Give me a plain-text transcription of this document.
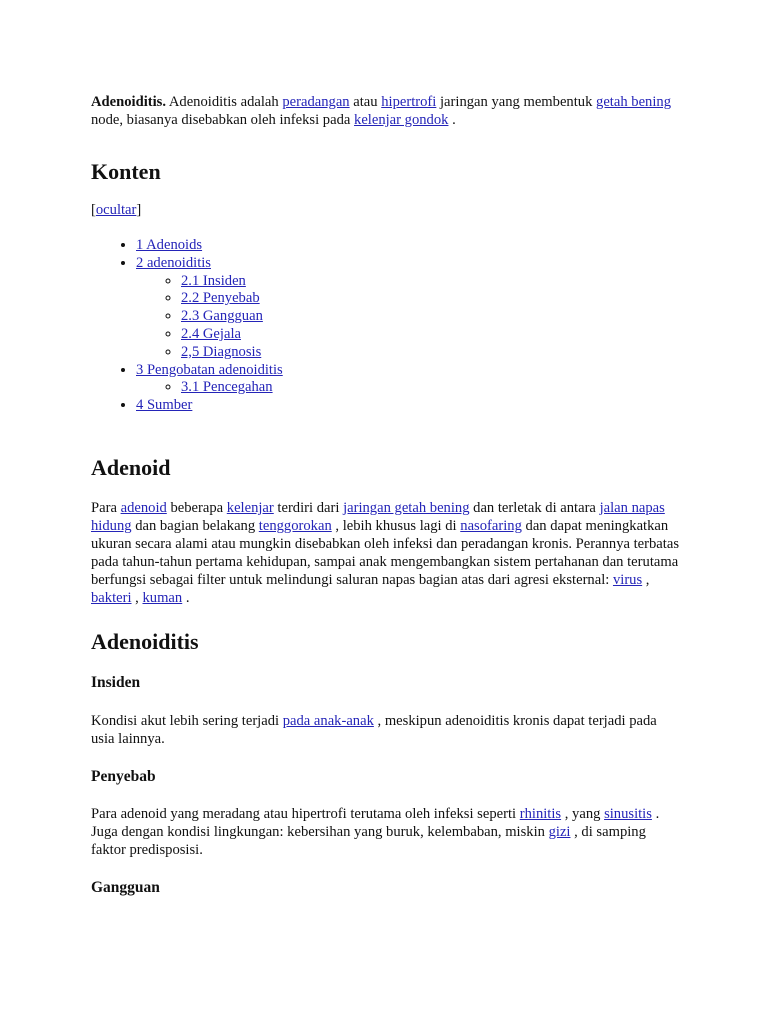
Adenoiditis. Adenoiditis adalah peradangan atau hipertrofi jaringan yang membentuk getah bening node, biasanya disebabkan oleh infeksi pada kelenjar gondok .

Konten

[ocultar]

• 1 Adenoids
• 2 adenoiditis
◦ 2.1 Insiden
◦ 2.2 Penyebab
◦ 2.3 Gangguan
◦ 2.4 Gejala
◦ 2,5 Diagnosis
• 3 Pengobatan adenoiditis
◦ 3.1 Pencegahan
• 4 Sumber
Adenoid

Para adenoid beberapa kelenjar terdiri dari jaringan getah bening dan terletak di antara jalan napas hidung dan bagian belakang tenggorokan , lebih khusus lagi di nasofaring dan dapat meningkatkan ukuran secara alami atau mungkin disebabkan oleh infeksi dan peradangan kronis. Perannya terbatas pada tahun-tahun pertama kehidupan, sampai anak mengembangkan sistem pertahanan dan terutama berfungsi sebagai filter untuk melindungi saluran napas bagian atas dari agresi eksternal: virus , bakteri , kuman .

Adenoiditis
Insiden

Kondisi akut lebih sering terjadi pada anak-anak , meskipun adenoiditis kronis dapat terjadi pada usia lainnya.

Penyebab

Para adenoid yang meradang atau hipertrofi terutama oleh infeksi seperti rhinitis , yang sinusitis . Juga dengan kondisi lingkungan: kebersihan yang buruk, kelembaban, miskin gizi , di samping faktor predisposisi.

Gangguan
